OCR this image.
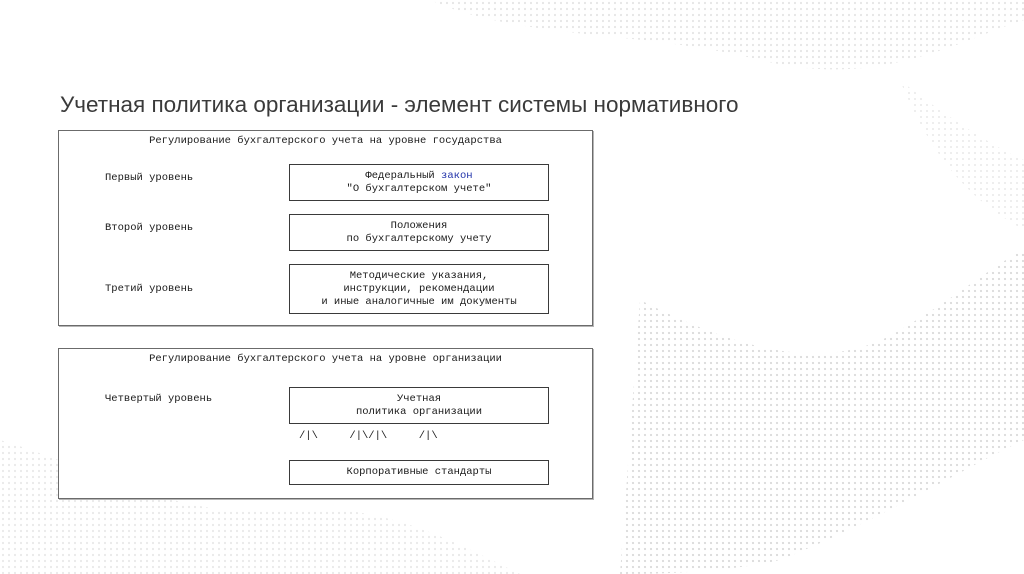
Учетная политика организации - элемент системы нормативного
Регулирование бухгалтерского учета на уровне государства
Первый уровень	Федеральный закон
"О бухгалтерском учете"
Второй уровень	Положения
по бухгалтерскому учету
Третий уровень
Методические указания,
инструкции, рекомендации
и иные аналогичные им документы
Регулирование бухгалтерского учета на уровне организации
Четвертый уровень	Учетная
политика организации
/|\     /|\/|\     /|\
Корпоративные стандарты
